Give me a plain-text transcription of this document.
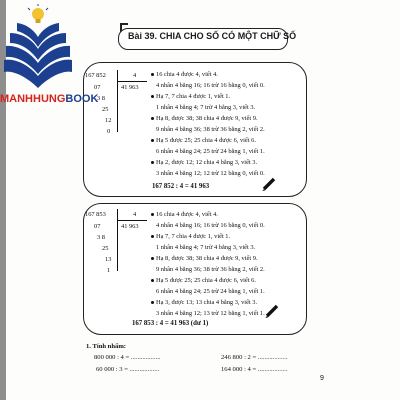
Bài 39. CHIA CHO SỐ CÓ MỘT CHỮ SỐ
167 852	4
41 963
07
3 8
25
12
0
16 chia 4 được 4, viết 4.
4 nhân 4 bằng 16; 16 trừ 16 bằng 0, viết 0.
Hạ 7, 7 chia 4 được 1, viết 1.
1 nhân 4 bằng 4; 7 trừ 4 bằng 3, viết 3.
Hạ 8, được 38; 38 chia 4 được 9, viết 9.
9 nhân 4 bằng 36; 38 trừ 36 bằng 2, viết 2.
Hạ 5 được 25; 25 chia 4 được 6, viết 6.
6 nhân 4 bằng 24; 25 trừ 24 bằng 1, viết 1.
Hạ 2, được 12; 12 chia 4 bằng 3, viết 3.
3 nhân 4 bằng 12; 12 trừ 12 bằng 0, viết 0.
167 852 : 4 = 41 963
167 853	4
41 963
07
3 8
25
13
1
16 chia 4 được 4, viết 4.
4 nhân 4 bằng 16; 16 trừ 16 bằng 0, viết 0.
Hạ 7, 7 chia 4 được 1, viết 1.
1 nhân 4 bằng 4; 7 trừ 4 bằng 3, viết 3.
Hạ 8, được 38; 38 chia 4 được 9, viết 9.
9 nhân 4 bằng 36; 38 trừ 36 bằng 2, viết 2.
Hạ 5 được 25; 25 chia 4 được 6, viết 6.
6 nhân 4 bằng 24; 25 trừ 24 bằng 1, viết 1.
Hạ 3, được 13; 13 chia 4 bằng 3, viết 3.
3 nhân 4 bằng 12; 13 trừ 12 bằng 1, viết 1.
167 853 : 4 = 41 963 (dư 1)
1. Tính nhẩm:
800 000 : 4 = ..................	246 800 : 2 = ..................
60 000 : 3 = ..................	164 000 : 4 = ..................
9
MANHHUNGBOOK
